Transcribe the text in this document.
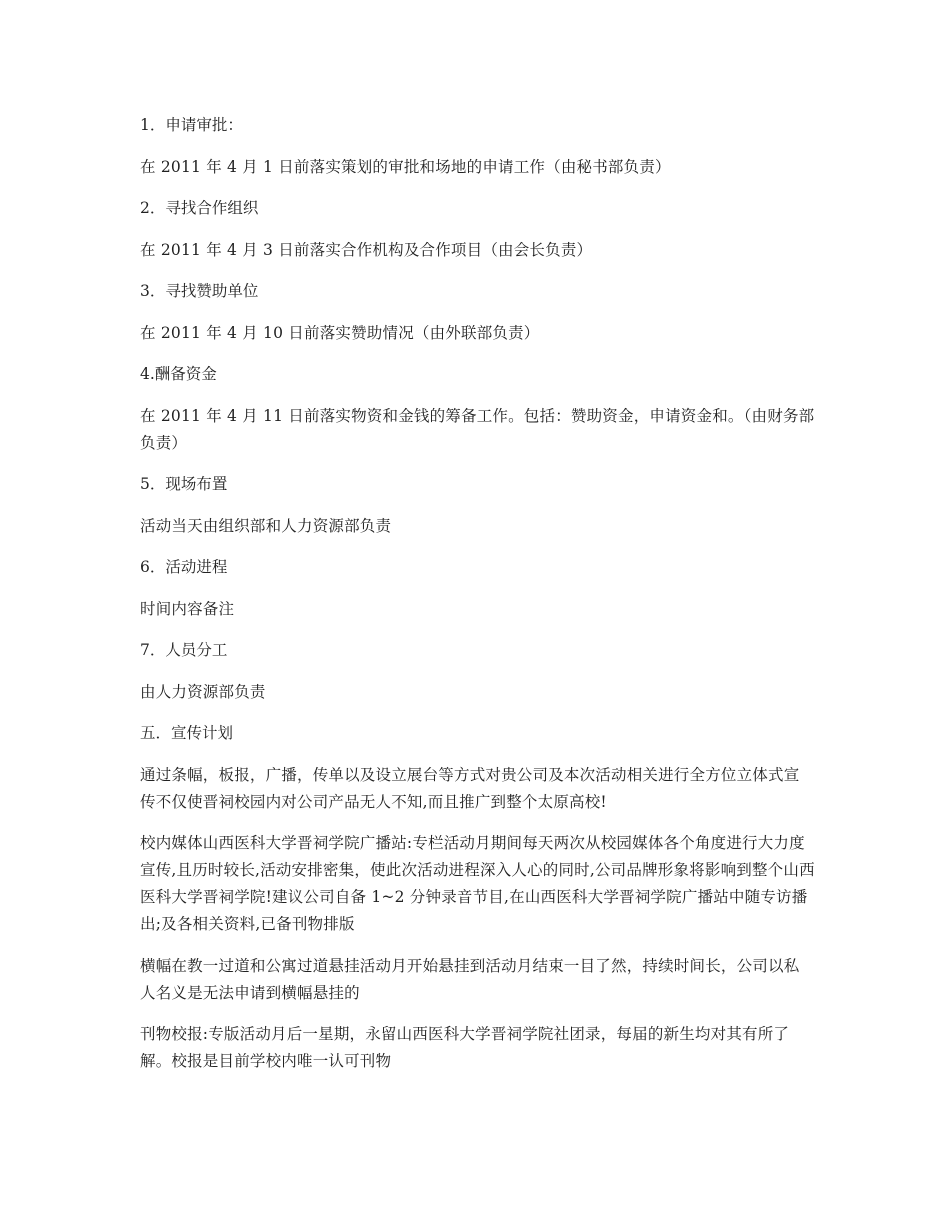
1．申请审批：

在 2011 年 4 月 1 日前落实策划的审批和场地的申请工作（由秘书部负责）

2．寻找合作组织

在 2011 年 4 月 3 日前落实合作机构及合作项目（由会长负责）

3．寻找赞助单位

在 2011 年 4 月 10 日前落实赞助情况（由外联部负责）

4.酬备资金

在 2011 年 4 月 11 日前落实物资和金钱的筹备工作。包括：赞助资金，申请资金和。（由财务部负责）

5．现场布置

活动当天由组织部和人力资源部负责

6．活动进程

时间内容备注

7．人员分工

由人力资源部负责

五．宣传计划

通过条幅，板报，广播，传单以及设立展台等方式对贵公司及本次活动相关进行全方位立体式宣传不仅使晋祠校园内对公司产品无人不知,而且推广到整个太原高校!

校内媒体山西医科大学晋祠学院广播站:专栏活动月期间每天两次从校园媒体各个角度进行大力度宣传,且历时较长,活动安排密集，使此次活动进程深入人心的同时,公司品牌形象将影响到整个山西医科大学晋祠学院!建议公司自备 1~2 分钟录音节目,在山西医科大学晋祠学院广播站中随专访播出;及各相关资料,已备刊物排版

横幅在教一过道和公寓过道悬挂活动月开始悬挂到活动月结束一目了然，持续时间长，公司以私人名义是无法申请到横幅悬挂的

刊物校报:专版活动月后一星期，永留山西医科大学晋祠学院社团录，每届的新生均对其有所了解。校报是目前学校内唯一认可刊物
